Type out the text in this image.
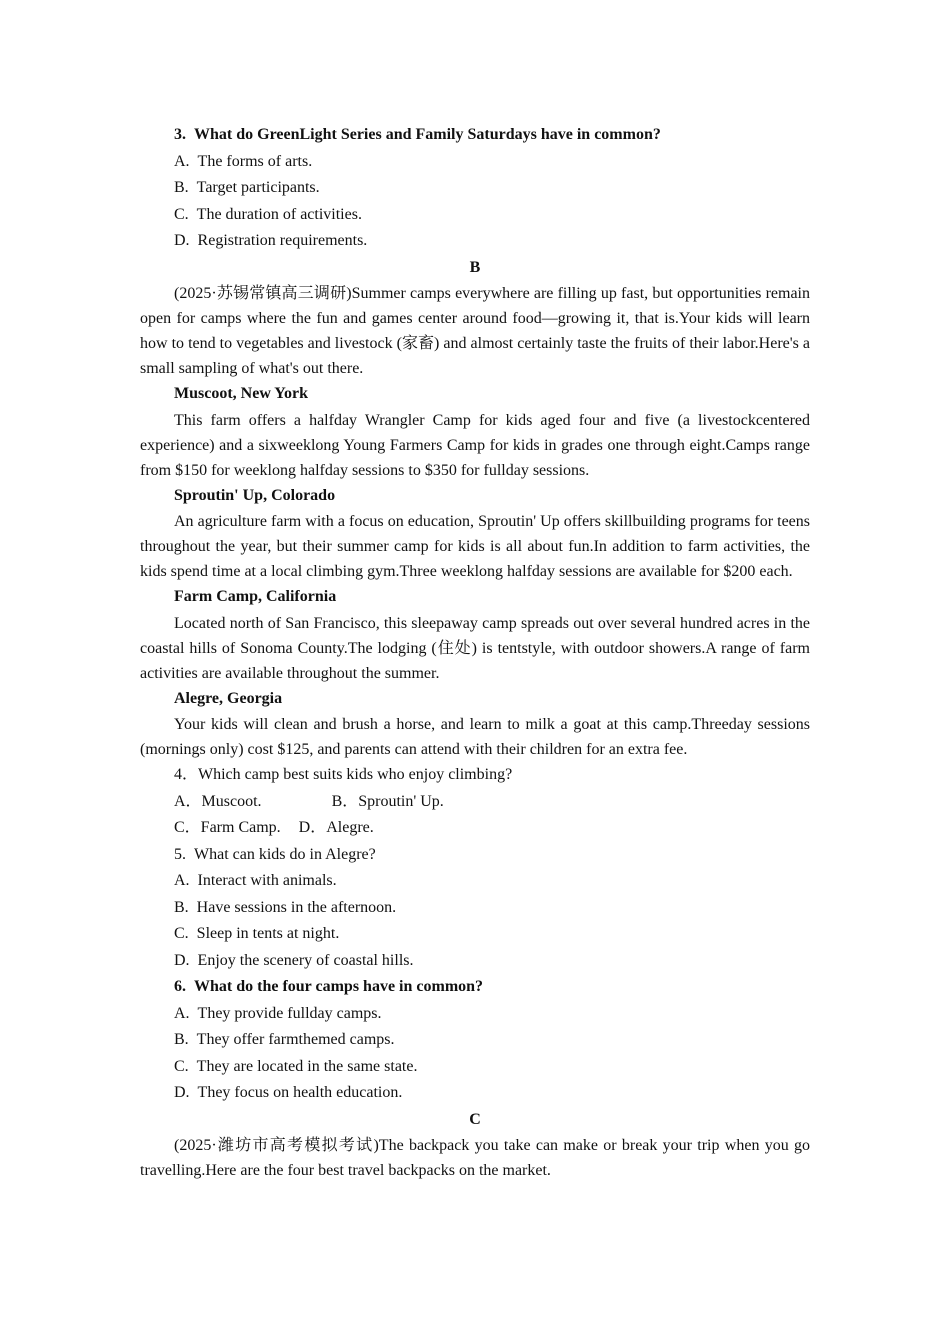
3.  What do GreenLight Series and Family Saturdays have in common?

A.  The forms of arts.

B.  Target participants.

C.  The duration of activities.

D.  Registration requirements.

B

(2025·苏锡常镇高三调研)Summer camps everywhere are filling up fast, but opportunities remain open for camps where the fun and games center around food—growing it, that is.Your kids will learn how to tend to vegetables and livestock (家畜) and almost certainly taste the fruits of their labor.Here's a small sampling of what's out there.

Muscoot, New York

This farm offers a halfday Wrangler Camp for kids aged four and five (a livestockcentered experience) and a sixweeklong Young Farmers Camp for kids in grades one through eight.Camps range from $150 for weeklong halfday sessions to $350 for fullday sessions.

Sproutin' Up, Colorado

An agriculture farm with a focus on education, Sproutin' Up offers skillbuilding programs for teens throughout the year, but their summer camp for kids is all about fun.In addition to farm activities, the kids spend time at a local climbing gym.Three weeklong halfday sessions are available for $200 each.

Farm Camp, California

Located north of San Francisco, this sleepaway camp spreads out over several hundred acres in the coastal hills of Sonoma County.The lodging (住处) is tentstyle, with outdoor showers.A range of farm activities are available throughout the summer.

Alegre, Georgia

Your kids will clean and brush a horse, and learn to milk a goat at this camp.Threeday sessions (mornings only) cost $125, and parents can attend with their children for an extra fee.

4．Which camp best suits kids who enjoy climbing?

A．Muscoot.	B．Sproutin' Up.

C．Farm Camp. D．Alegre.

5.  What can kids do in Alegre?

A.  Interact with animals.

B.  Have sessions in the afternoon.

C.  Sleep in tents at night.

D.  Enjoy the scenery of coastal hills.

6.  What do the four camps have in common?

A.  They provide fullday camps.

B.  They offer farmthemed camps.

C.  They are located in the same state.

D.  They focus on health education.

C

(2025·潍坊市高考模拟考试)The backpack you take can make or break your trip when you go travelling.Here are the four best travel backpacks on the market.
